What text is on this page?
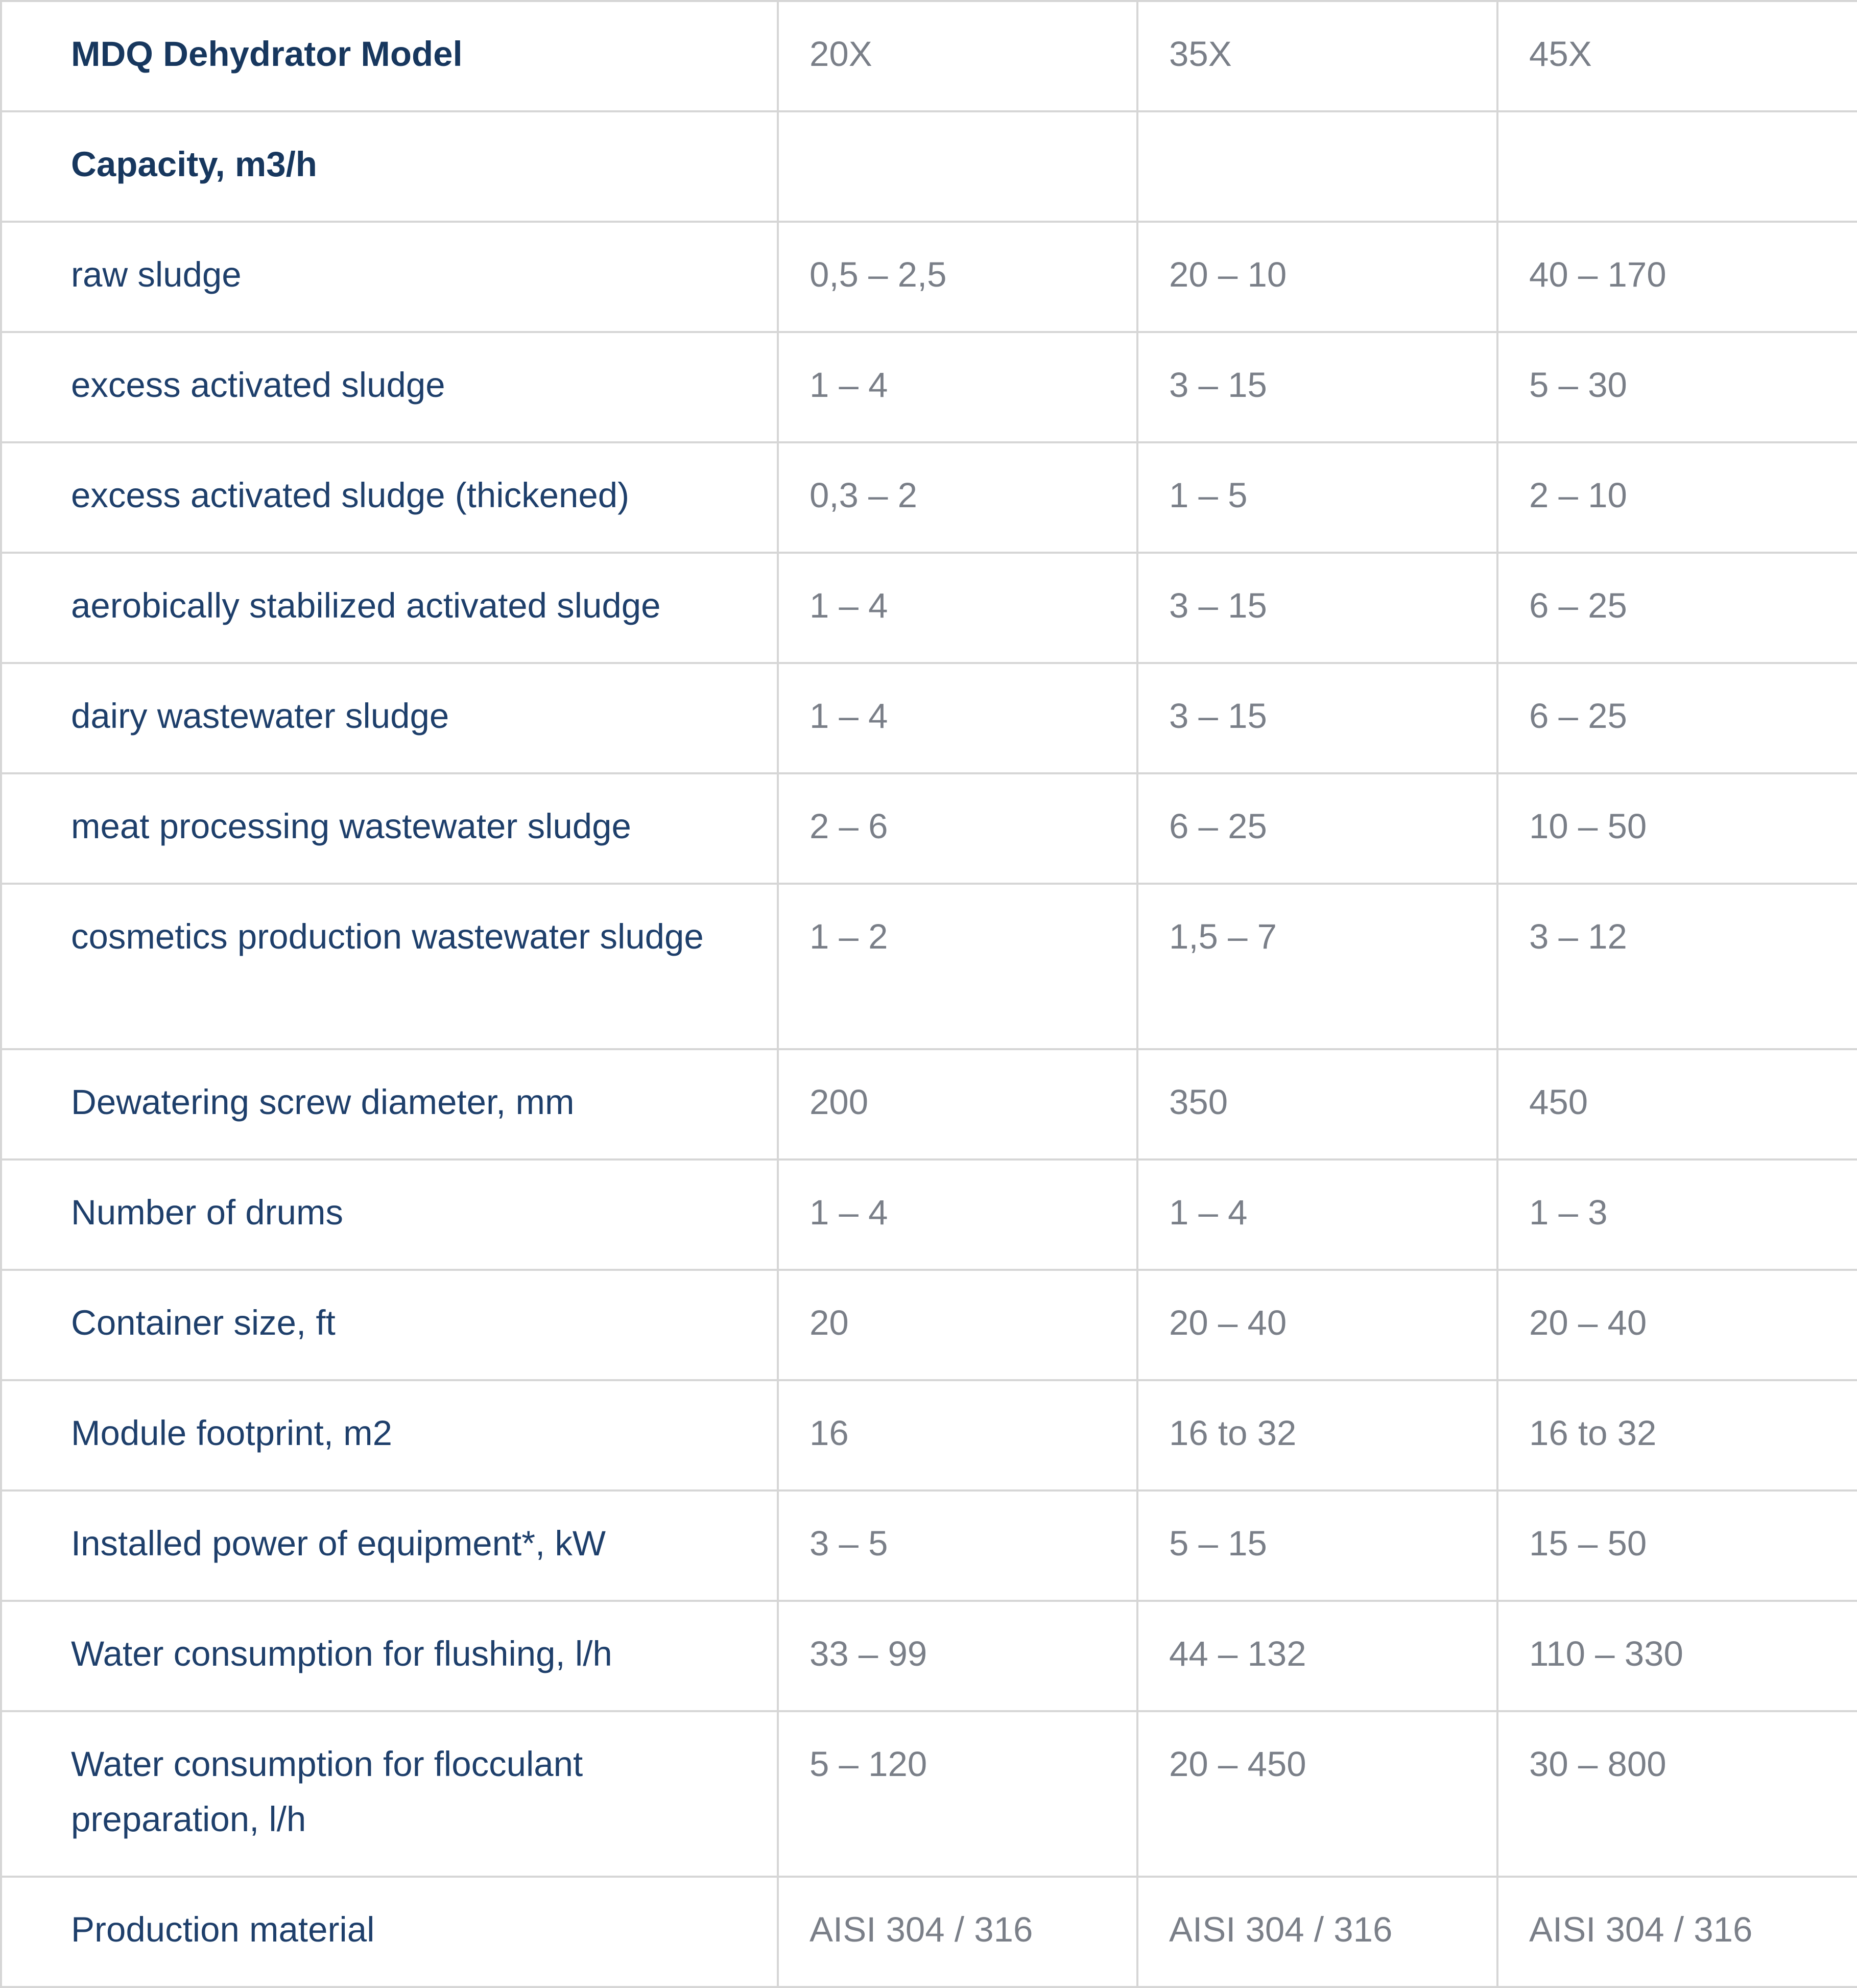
MDQ Dehydrator Model	20X	35X	45X
Capacity, m3/h			
raw sludge	0,5 – 2,5	20 – 10	40 – 170
excess activated sludge	1 – 4	3 – 15	5 – 30
excess activated sludge (thickened)	0,3 – 2	1 – 5	2 – 10
aerobically stabilized activated sludge	1 – 4	3 – 15	6 – 25
dairy wastewater sludge	1 – 4	3 – 15	6 – 25
meat processing wastewater sludge	2 – 6	6 – 25	10 – 50
cosmetics production wastewater sludge	1 – 2	1,5 – 7	3 – 12
Dewatering screw diameter, mm	200	350	450
Number of drums	1 – 4	1 – 4	1 – 3
Container size, ft	20	20 – 40	20 – 40
Module footprint, m2	16	16 to 32	16 to 32
Installed power of equipment*, kW	3 – 5	5 – 15	15 – 50
Water consumption for flushing, l/h	33 – 99	44 – 132	110 – 330
Water consumption for flocculant preparation, l/h	5 – 120	20 – 450	30 – 800
Production material	AISI 304 / 316	AISI 304 / 316	AISI 304 / 316
